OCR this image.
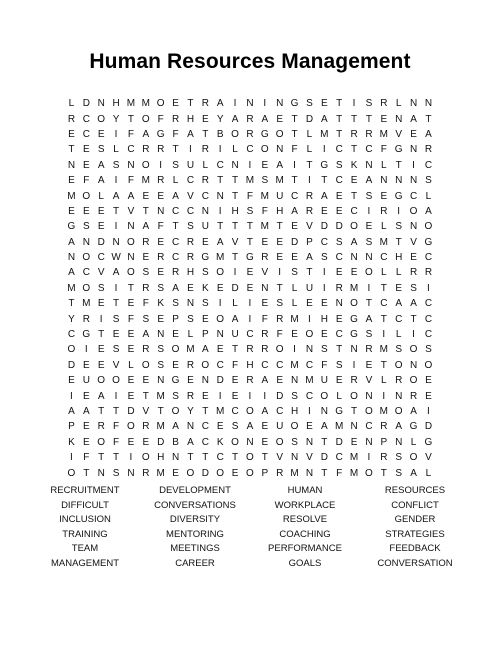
Human Resources Management
L D N H M M O E T R A	I N I N G S E T	I	S R L N N
R C O Y T O F R H E Y A R A E T D A T T T E N A T
E C E	I	F A G F A T B O R G O T L M T R R M V E A
T E S L C R R T	I R I	L C O N F L	I C T C F G N R
N E A S N O I	S U L C N I	E A	I	T G S K N L T	I C
E F A	I	F M R L C R T T M S M T	I	T C E A N N N S
M O L A A E E A V C N T F M U C R A E T S E G C L
E E E T V T N C C N I H S F H A R E E C I R I O A
G S E	I N A F T S U T T T M T E V D D O E L S N O
A N D N O R E C R E A V T E E D P C S A S M T V G
N O C W N E R C R G M T G R E E A S C N N C H E C
A C V A O S E R H S O I	E V	I	S T	I	E E O L L R R
M O S	I	T R S A E K E D E N T L U I R M I	T E S	I
T M E T E F K S N S	I	L	I	E S L E E N O T C A A C
Y R I	S F S E P S E O A	I	F R M I H E G A T C T C
C G T E E A N E L P N U C R F E O E C G S	I	L	I C
O I	E S E R S O M A E T R R O I N S T N R M S O S
D E E V L O S E R O C F H C C M C F S	I	E T O N O
E U O O E E N G E N D E R A E N M U E R V L R O E
I	E A	I	E T M S R E	I	E	I	I D S C O L O N I N R E
A A T T D V T O Y T M C O A C H I N G T O M O A	I
P E R F O R M A N C E S A E U O E A M N C R A G D
K E O F E E D B A C K O N E O S N T D E N P N L G
I	F T T	I O H N T T C T O T V N V D C M I R S O V
O T N S N R M E O D O E O P R M N T F M O T S A L
RECRUITMENT	DEVELOPMENT	HUMAN	RESOURCES
DIFFICULT	CONVERSATIONS	WORKPLACE	CONFLICT
INCLUSION	DIVERSITY	RESOLVE	GENDER
TRAINING	MENTORING	COACHING	STRATEGIES
TEAM	MEETINGS	PERFORMANCE	FEEDBACK
MANAGEMENT	CAREER	GOALS	CONVERSATION
